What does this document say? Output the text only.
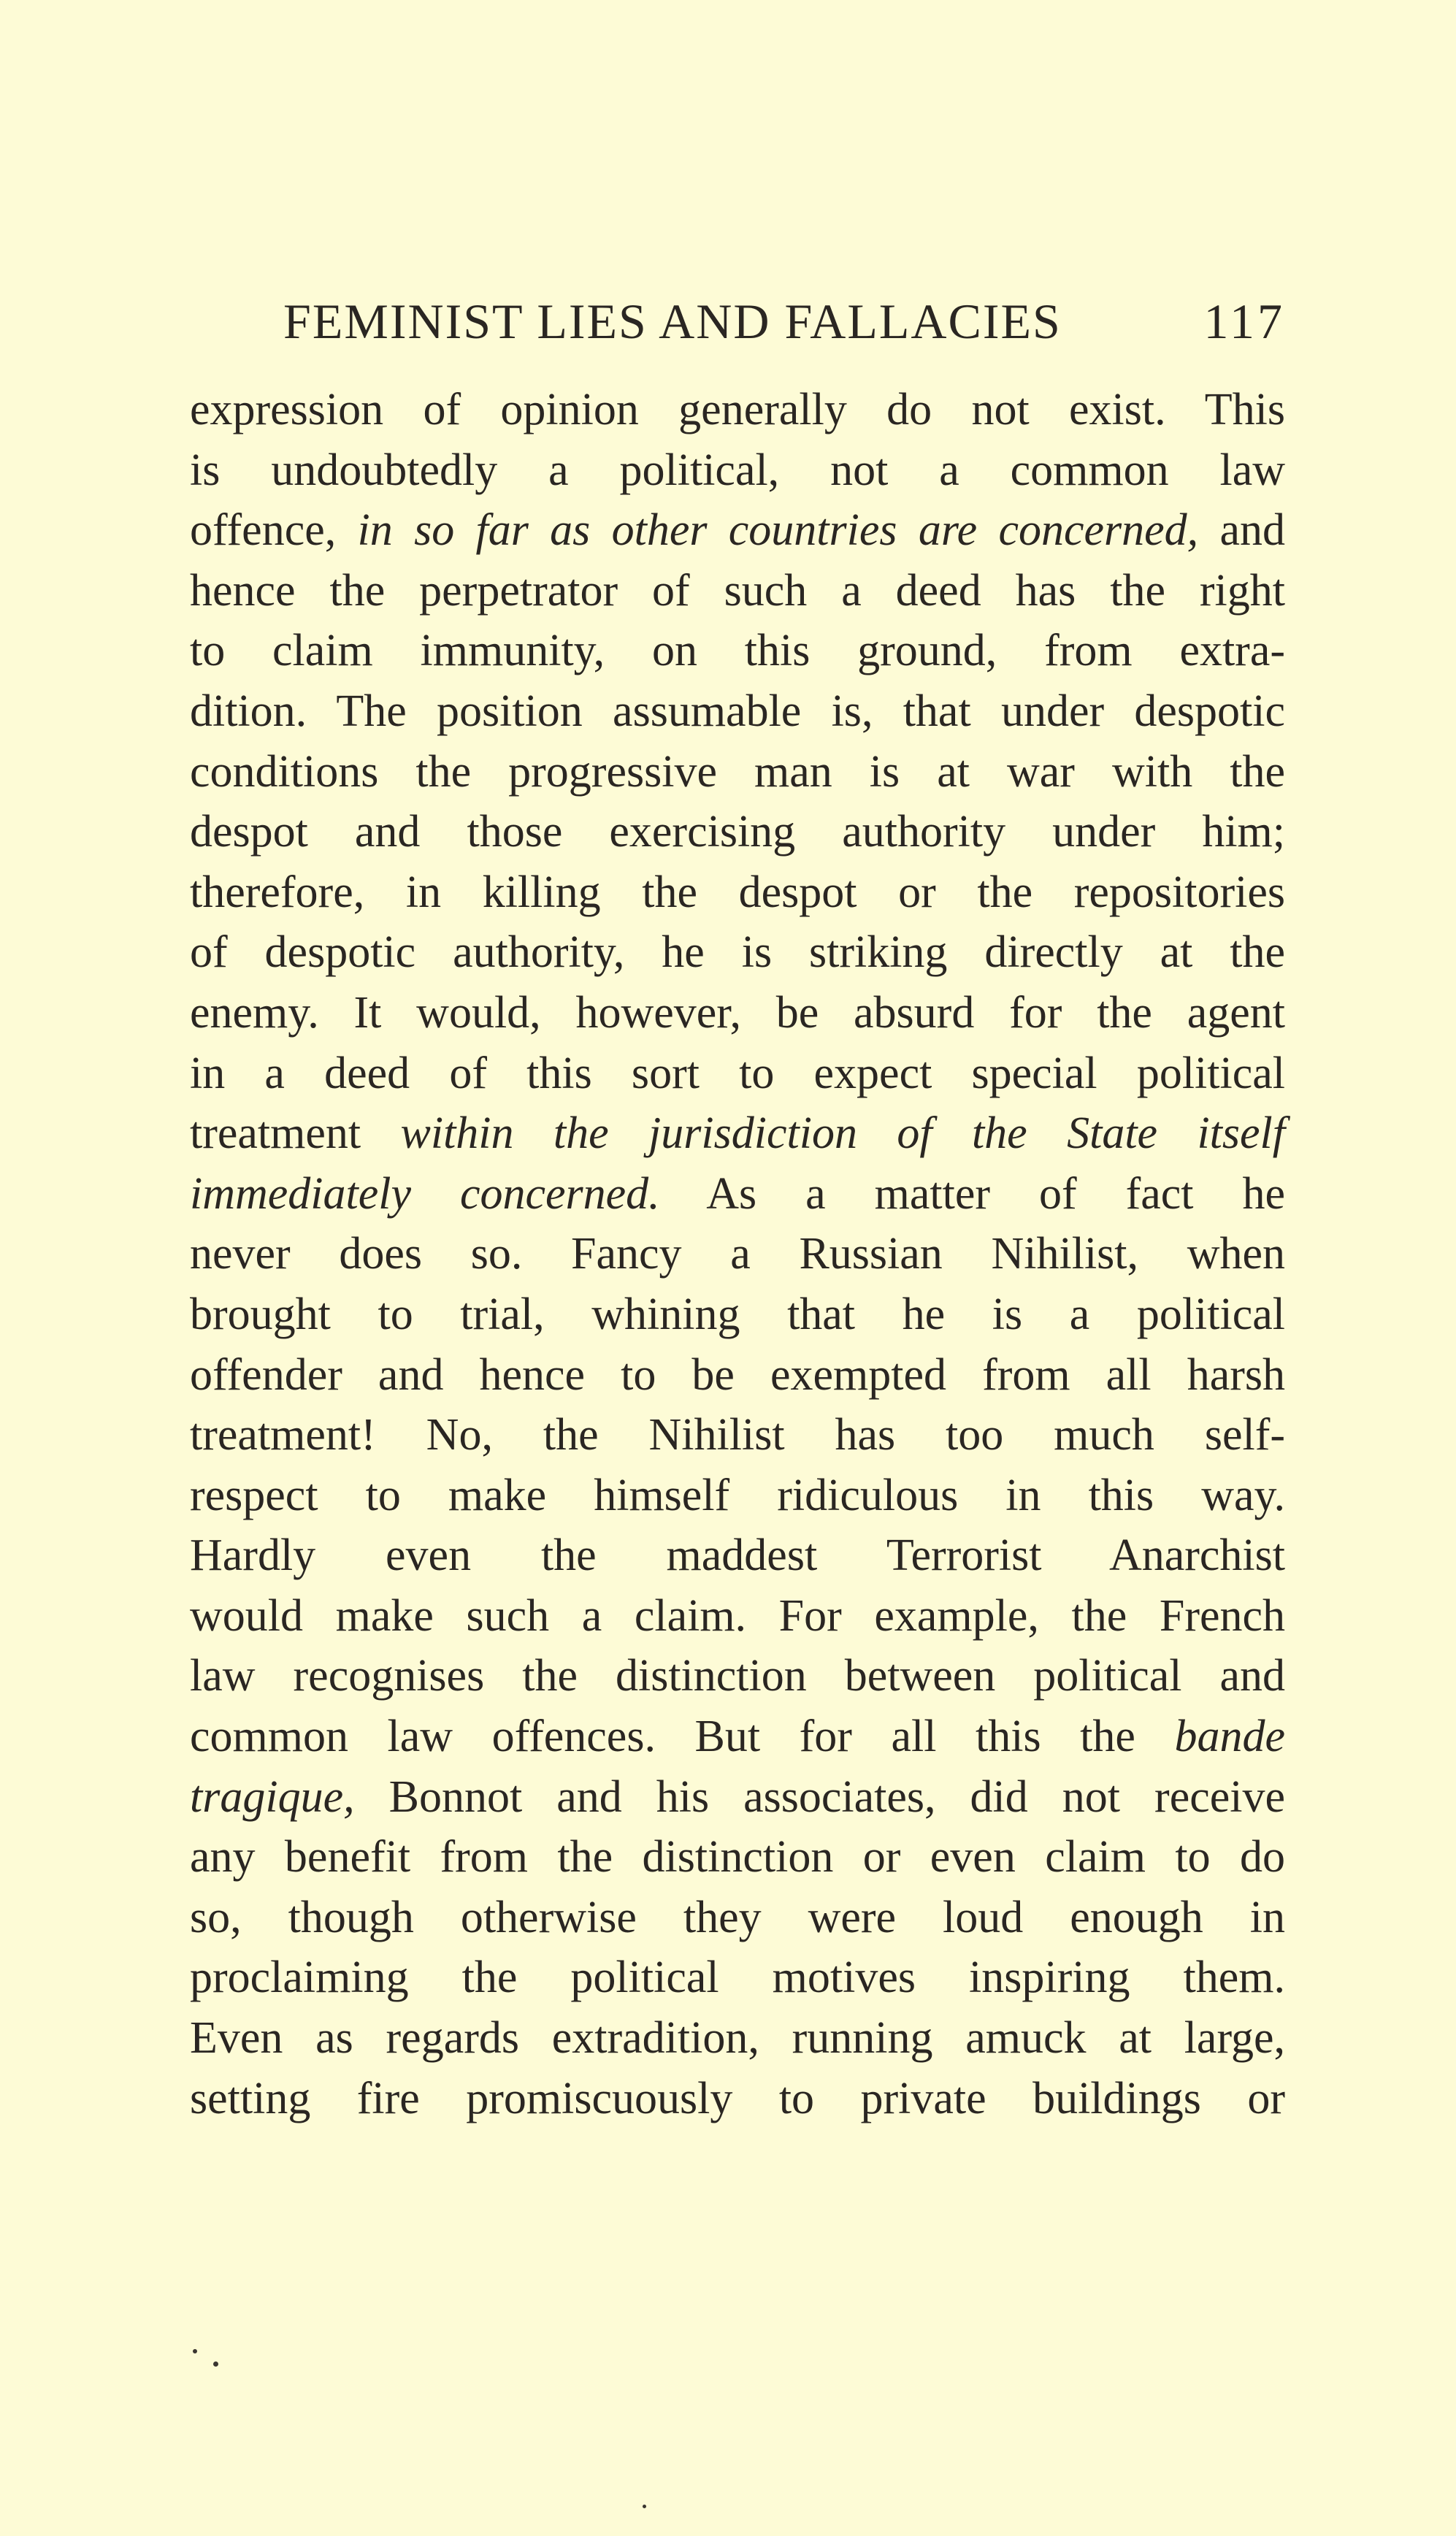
FEMINIST LIES AND FALLACIES	117
expression of opinion generally do not exist. This
is undoubtedly a political, not a common law
offence, in so far as other countries are concerned, and
hence the perpetrator of such a deed has the right
to claim immunity, on this ground, from extra-
dition. The position assumable is, that under despotic
conditions the progressive man is at war with the
despot and those exercising authority under him;
therefore, in killing the despot or the repositories
of despotic authority, he is striking directly at the
enemy. It would, however, be absurd for the agent
in a deed of this sort to expect special political
treatment within the jurisdiction of the State itself
immediately concerned. As a matter of fact he
never does so. Fancy a Russian Nihilist, when
brought to trial, whining that he is a political
offender and hence to be exempted from all harsh
treatment! No, the Nihilist has too much self-
respect to make himself ridiculous in this way.
Hardly even the maddest Terrorist Anarchist
would make such a claim. For example, the French
law recognises the distinction between political and
common law offences. But for all this the bande
tragique, Bonnot and his associates, did not receive
any benefit from the distinction or even claim to do
so, though otherwise they were loud enough in
proclaiming the political motives inspiring them.
Even as regards extradition, running amuck at large,
setting fire promiscuously to private buildings or
